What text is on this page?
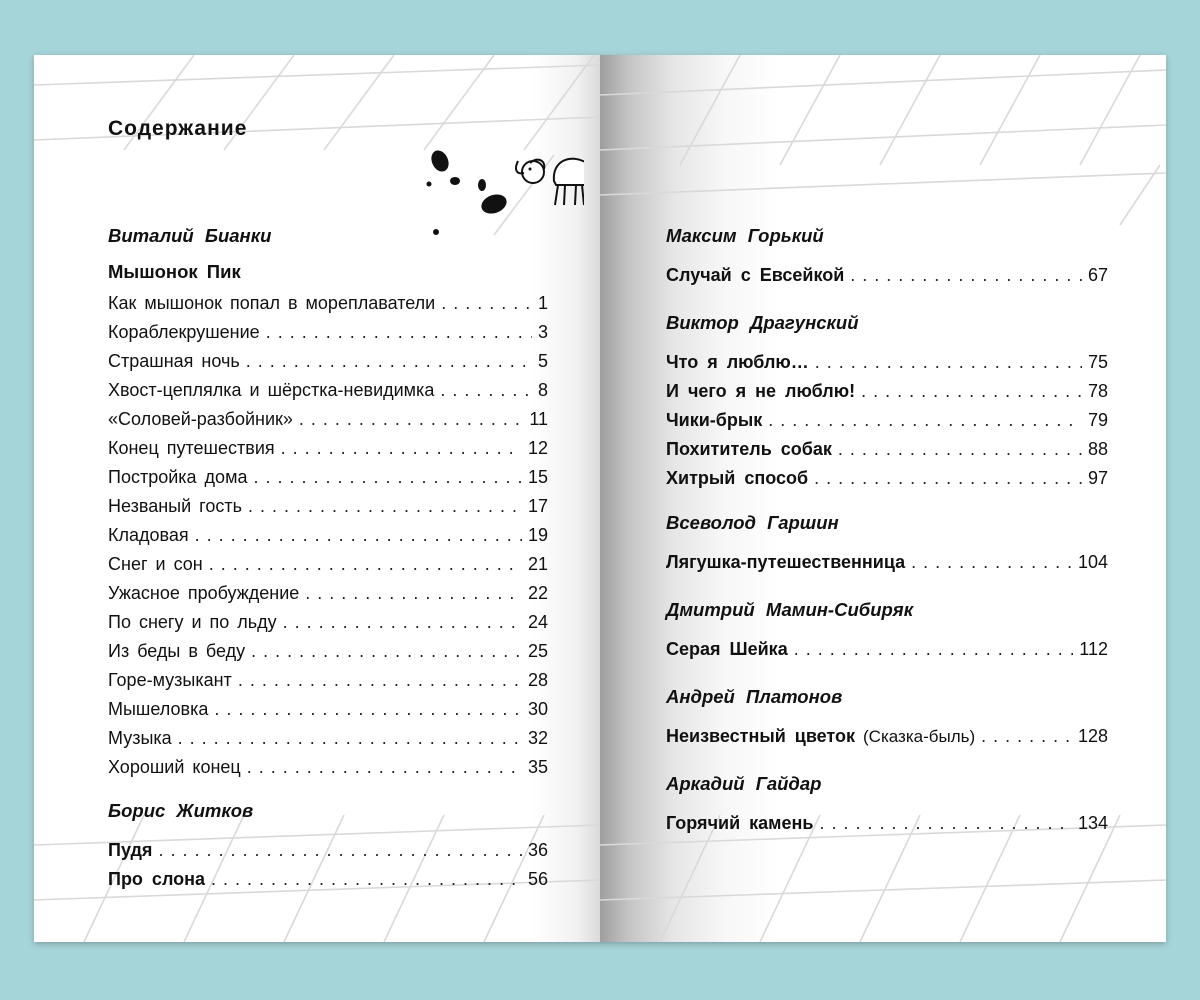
Содержание
Виталий Бианки
Мышонок Пик
Как мышонок попал в мореплаватели . . .	1
Кораблекрушение . . .	3
Страшная ночь . . .	5
Хвост-цеплялка и шёрстка-невидимка . . .	8
«Соловей-разбойник» . . .	11
Конец путешествия . . .	12
Постройка дома . . .	15
Незваный гость . . .	17
Кладовая . . .	19
Снег и сон . . .	21
Ужасное пробуждение . . .	22
По снегу и по льду . . .	24
Из беды в беду . . .	25
Горе-музыкант . . .	28
Мышеловка . . .	30
Музыка . . .	32
Хороший конец . . .	35
Борис Житков
Пудя . . .	36
Про слона . . .	56
Максим Горький
Случай с Евсейкой . . .	67
Виктор Драгунский
Что я люблю… . . .	75
И чего я не люблю! . . .	78
Чики-брык . . .	79
Похититель собак . . .	88
Хитрый способ . . .	97
Всеволод Гаршин
Лягушка-путешественница . . .	104
Дмитрий Мамин-Сибиряк
Серая Шейка . . .	112
Андрей Платонов
Неизвестный цветок (Сказка-быль) . . .	128
Аркадий Гайдар
Горячий камень . . .	134
